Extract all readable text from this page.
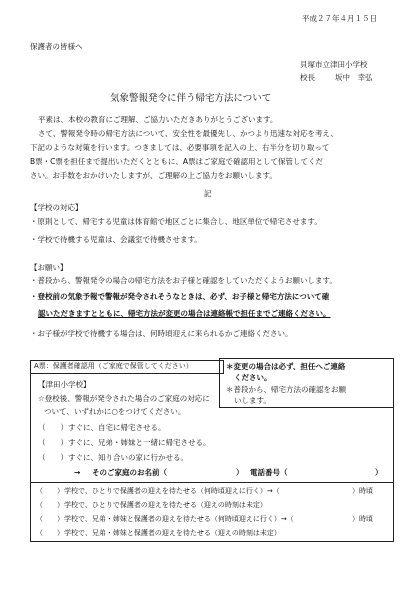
平成２７年４月１５日
保護者の皆様へ
貝塚市立津田小学校
校長	坂中　幸弘
気象警報発令に伴う帰宅方法について
平素は、本校の教育にご理解、ご協力いただきありがとうございます。
さて、警報発令時の帰宅方法について、安全性を最優先し、かつより迅速な対応を考え、
下記のような対策を行います。つきましては、必要事項を記入の上、右半分を切り取って
B票・C票を担任まで提出いただくとともに、A票はご家庭で確認用として保管してくだ
さい。お手数をおかけいたしますが、ご理解の上ご協力をお願いします。
記
【学校の対応】
・原則として、帰宅する児童は体育館で地区ごとに集合し、地区単位で帰宅させます。
・学校で待機する児童は、会議室で待機させます。
【お願い】
・普段から、警報発令の場合の帰宅方法をお子様と確認をしていただくようお願いします。
・登校前の気象予報で警報が発令されそうなときは、必ず、お子様と帰宅方法について確
認いただきますとともに、帰宅方法が変更の場合は連絡帳で担任までご連絡ください。
・お子様が学校で待機する場合は、何時頃迎えに来られるかご連絡ください。
A票：保護者確認用（ご家庭で保管してください）	＊変更の場合は必ず、担任へご連絡
ください。
＊普段から、帰宅方法の確認をお願
いします。
【津田小学校】
☆登校後、警報が発令された場合のご家庭の対応に
ついて、いずれかに○をつけてください。
（　　）すぐに、自宅に帰宅させる。
（　　）すぐに、兄弟・姉妹と一緒に帰宅させる。
（　　）すぐに、知り合いの家に行かせる。
→ そのご家庭のお名前（	） 電話番号（	）
（　　）学校で、ひとりで保護者の迎えを待たせる（何時頃迎えに行く）→（	）時頃
（　　）学校で、ひとりで保護者の迎えを待たせる（迎えの時刻は未定）
（　　）学校で、兄弟・姉妹と保護者の迎えを待たせる（何時頃迎えに行く）→（	）時頃
（　　）学校で、兄弟・姉妹と保護者の迎えを待たせる（迎えの時刻は未定）
